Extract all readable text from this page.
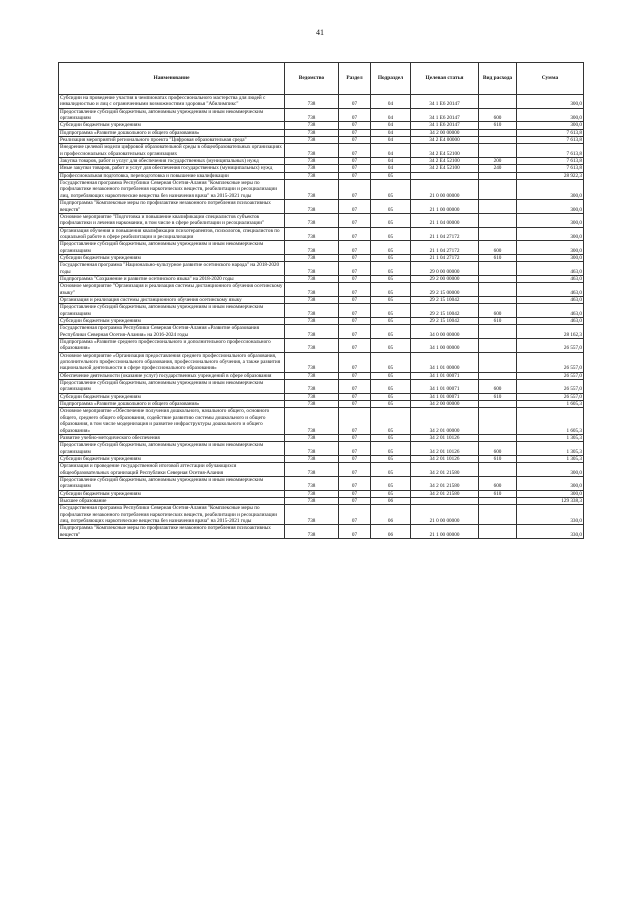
41
Наименование	Ведомство	Раздел	Подраздел	Целевая статья	Вид расхода	Сумма
Субсидии на проведение участия в чемпионатах профессионального мастерства для людей с инвалидностью и лиц с ограниченными возможностями здоровья "Абилимпикс"	738	07	04	34 1 E6 20147		300,0
Предоставление субсидий бюджетным, автономным учреждениям и иным некоммерческим организациям	738	07	04	34 1 E6 20147	600	300,0
Субсидии бюджетным учреждениям	738	07	04	34 1 E6 20147	610	300,0
Подпрограмма «Развитие дошкольного и общего образования»	738	07	04	34 2 00 00000		7 613,8
Реализация мероприятий регионального проекта "Цифровая образовательная среда"	738	07	04	34 2 E4 00000		7 613,8
Внедрение целевой модели цифровой образовательной среды в общеобразовательных организациях и профессиональных образовательных организациях	738	07	04	34 2 E4 52100		7 613,8
Закупка товаров, работ и услуг для обеспечения государственных (муниципальных) нужд	738	07	04	34 2 E4 52100	200	7 613,8
Иные закупки товаров, работ и услуг для обеспечения государственных (муниципальных) нужд	738	07	04	34 2 E4 52100	240	7 613,8
Профессиональная подготовка, переподготовка и повышение квалификации	738	07	05			28 922,3
Государственная программа Республики Северная Осетия-Алания "Комплексные меры по профилактике незаконного потребления наркотических веществ, реабилитации и ресоциализации лиц, потребляющих наркотические вещества без назначения врача" на 2015-2021 годы	738	07	05	21 0 00 00000		300,0
Подпрограмма "Комплексные меры по профилактике незаконного потребления психоактивных веществ"	738	07	05	21 1 00 00000		300,0
Основное мероприятие "Подготовка и повышение квалификации специалистов субъектов профилактики и лечения наркомании, в том числе в сфере реабилитации и ресоциализации"	738	07	05	21 1 04 00000		300,0
Организация обучения и повышения квалификации психотерапевтов, психологов, специалистов по социальной работе в сфере реабилитации и ресоциализации	738	07	05	21 1 04 27172		300,0
Предоставление субсидий бюджетным, автономным учреждениям и иным некоммерческим организациям	738	07	05	21 1 04 27172	600	300,0
Субсидии бюджетным учреждениям	738	07	05	21 1 04 27172	610	300,0
Государственная программа "Национально-культурное развитие осетинского народа" на 2018-2020 годы	738	07	05	29 0 00 00000		463,0
Подпрограмма "Сохранение и развитие осетинского языка" на 2018-2020 годы	738	07	05	29 2 00 00000		463,0
Основное мероприятие "Организация и реализация системы дистанционного обучения осетинскому языку"	738	07	05	29 2 15 00000		463,0
Организация и реализация системы дистанционного обучения осетинскому языку	738	07	05	29 2 15 10042		463,0
Предоставление субсидий бюджетным, автономным учреждениям и иным некоммерческим организациям	738	07	05	29 2 15 10042	600	463,0
Субсидии бюджетным учреждениям	738	07	05	29 2 15 10042	610	463,0
Государственная программа Республики Северная Осетия-Алания «Развитие образования Республики Северная Осетия-Алания» на 2016-2024 годы	738	07	05	34 0 00 00000		28 162,3
Подпрограмма «Развитие среднего профессионального и дополнительного профессионального образования»	738	07	05	34 1 00 00000		26 557,0
Основное мероприятие «Организация предоставления среднего профессионального образования, дополнительного профессионального образования, профессионального обучения, а также развития национальной деятельности в сфере профессионального образования»	738	07	05	34 1 01 00000		26 557,0
Обеспечение деятельности (оказание услуг) государственных учреждений в сфере образования	738	07	05	34 1 01 00071		26 557,0
Предоставление субсидий бюджетным, автономным учреждениям и иным некоммерческим организациям	738	07	05	34 1 01 00071	600	26 557,0
Субсидии бюджетным учреждениям	738	07	05	34 1 01 00071	610	26 557,0
Подпрограмма «Развитие дошкольного и общего образования»	738	07	05	34 2 00 00000		1 605,3
Основное мероприятие «Обеспечение получения дошкольного, начального общего, основного общего, среднего общего образования, содействие развитию системы дошкольного и общего образования, в том числе модернизация и развитие инфраструктуры дошкольного и общего образования»	738	07	05	34 2 01 00000		1 605,3
Развитие учебно-методического обеспечения	738	07	05	34 2 01 10126		1 305,3
Предоставление субсидий бюджетным, автономным учреждениям и иным некоммерческим организациям	738	07	05	34 2 01 10126	600	1 305,3
Субсидии бюджетным учреждениям	738	07	05	34 2 01 10126	610	1 305,3
Организация и проведение государственной итоговой аттестации обучающихся общеобразовательных организаций Республики Северная Осетия-Алания	738	07	05	34 2 01 21580		300,0
Предоставление субсидий бюджетным, автономным учреждениям и иным некоммерческим организациям	738	07	05	34 2 01 21580	600	300,0
Субсидии бюджетным учреждениям	738	07	05	34 2 01 21580	610	300,0
Высшее образование	738	07	06			129 338,3
Государственная программа Республики Северная Осетия-Алания "Комплексные меры по профилактике незаконного потребления наркотических веществ, реабилитации и ресоциализации лиц, потребляющих наркотические вещества без назначения врача" на 2015-2021 годы	738	07	06	21 0 00 00000		330,0
Подпрограмма "Комплексные меры по профилактике незаконного потребления психоактивных веществ"	738	07	06	21 1 00 00000		330,0
